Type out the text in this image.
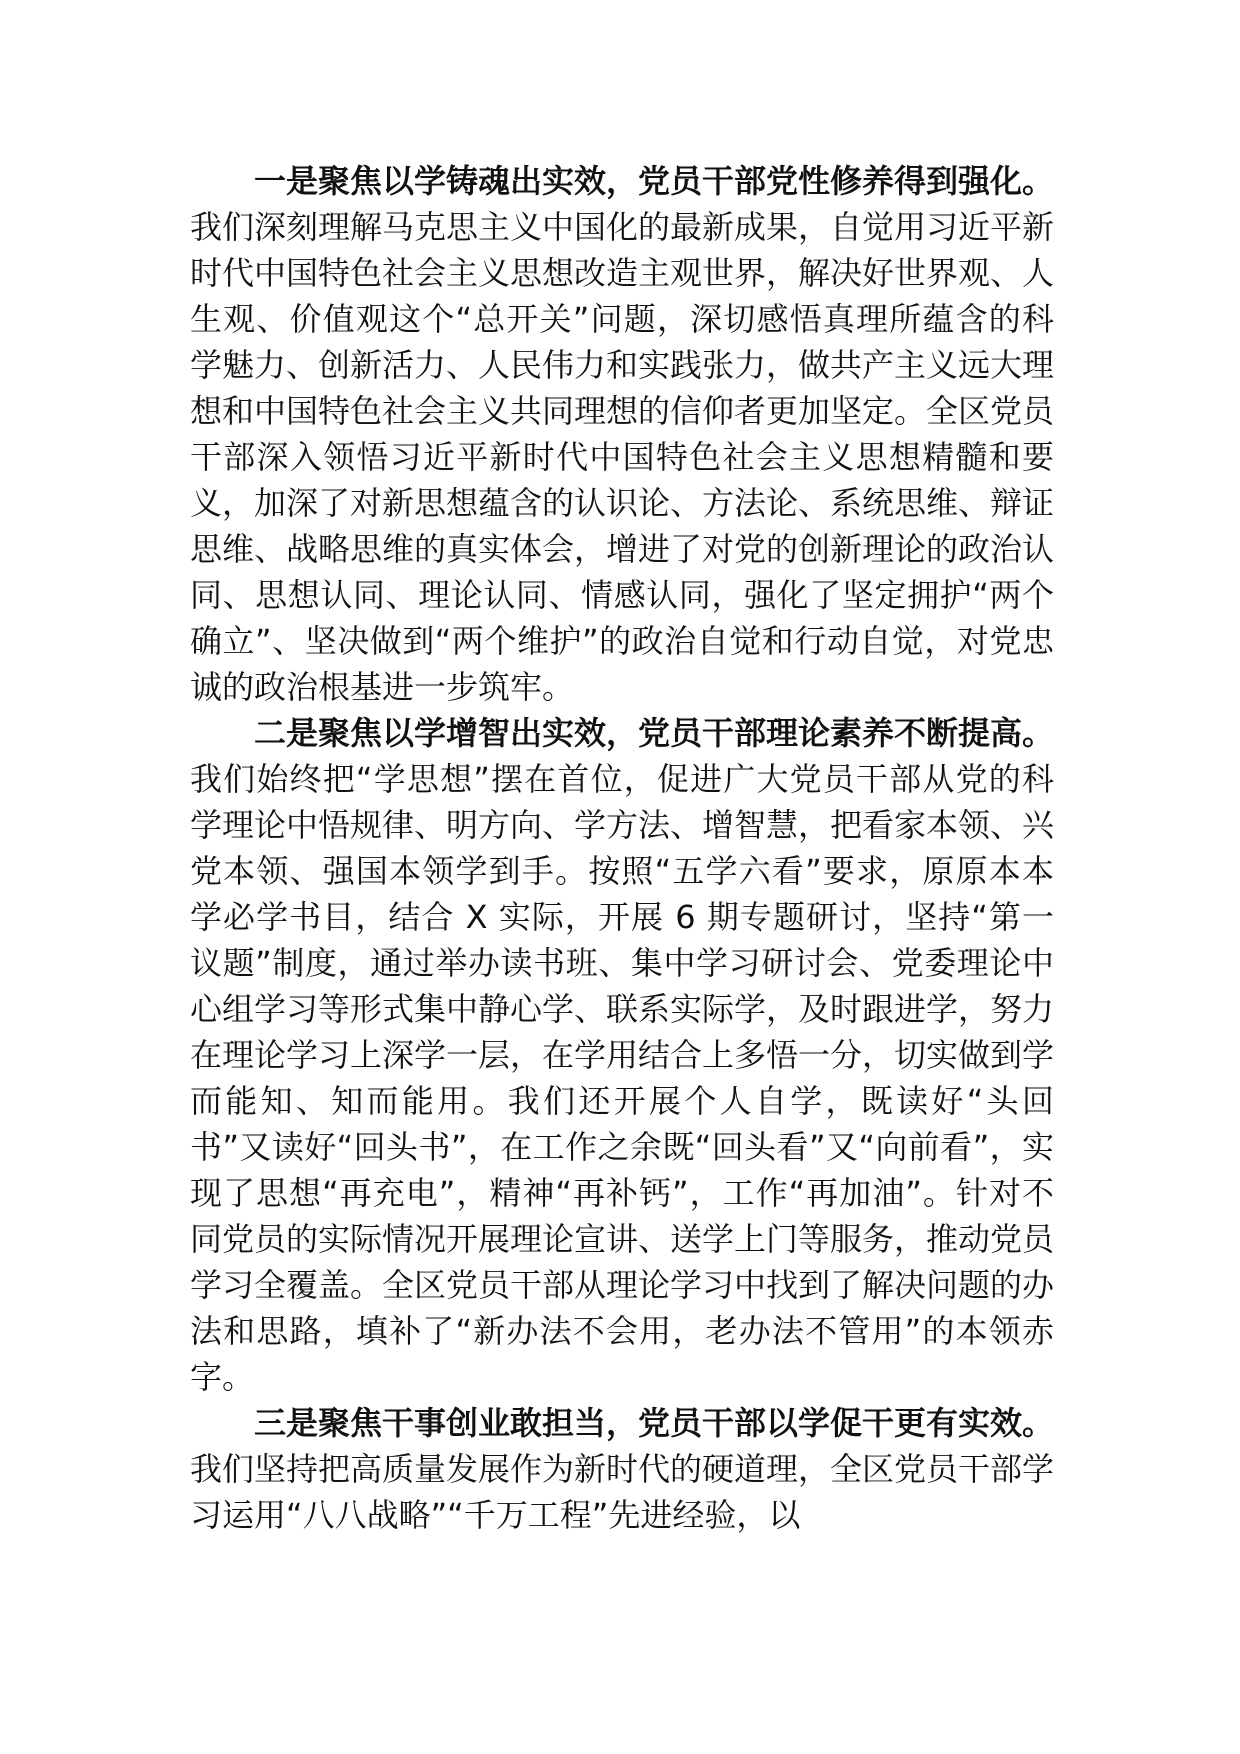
一是聚焦以学铸魂出实效，党员干部党性修养得到强化。我们深刻理解马克思主义中国化的最新成果，自觉用习近平新时代中国特色社会主义思想改造主观世界，解决好世界观、人生观、价值观这个“总开关”问题，深切感悟真理所蕴含的科学魅力、创新活力、人民伟力和实践张力，做共产主义远大理想和中国特色社会主义共同理想的信仰者更加坚定。全区党员干部深入领悟习近平新时代中国特色社会主义思想精髓和要义，加深了对新思想蕴含的认识论、方法论、系统思维、辩证思维、战略思维的真实体会，增进了对党的创新理论的政治认同、思想认同、理论认同、情感认同，强化了坚定拥护“两个确立”、坚决做到“两个维护”的政治自觉和行动自觉，对党忠诚的政治根基进一步筑牢。

二是聚焦以学增智出实效，党员干部理论素养不断提高。我们始终把“学思想”摆在首位，促进广大党员干部从党的科学理论中悟规律、明方向、学方法、增智慧，把看家本领、兴党本领、强国本领学到手。按照“五学六看”要求，原原本本学必学书目，结合 X 实际，开展 6 期专题研讨，坚持“第一议题”制度，通过举办读书班、集中学习研讨会、党委理论中心组学习等形式集中静心学、联系实际学，及时跟进学，努力在理论学习上深学一层，在学用结合上多悟一分，切实做到学而能知、知而能用。我们还开展个人自学，既读好“头回书”又读好“回头书”，在工作之余既“回头看”又“向前看”，实现了思想“再充电”，精神“再补钙”，工作“再加油”。针对不同党员的实际情况开展理论宣讲、送学上门等服务，推动党员学习全覆盖。全区党员干部从理论学习中找到了解决问题的办法和思路，填补了“新办法不会用，老办法不管用”的本领赤字。

三是聚焦干事创业敢担当，党员干部以学促干更有实效。我们坚持把高质量发展作为新时代的硬道理，全区党员干部学习运用“八八战略”“千万工程”先进经验，以
